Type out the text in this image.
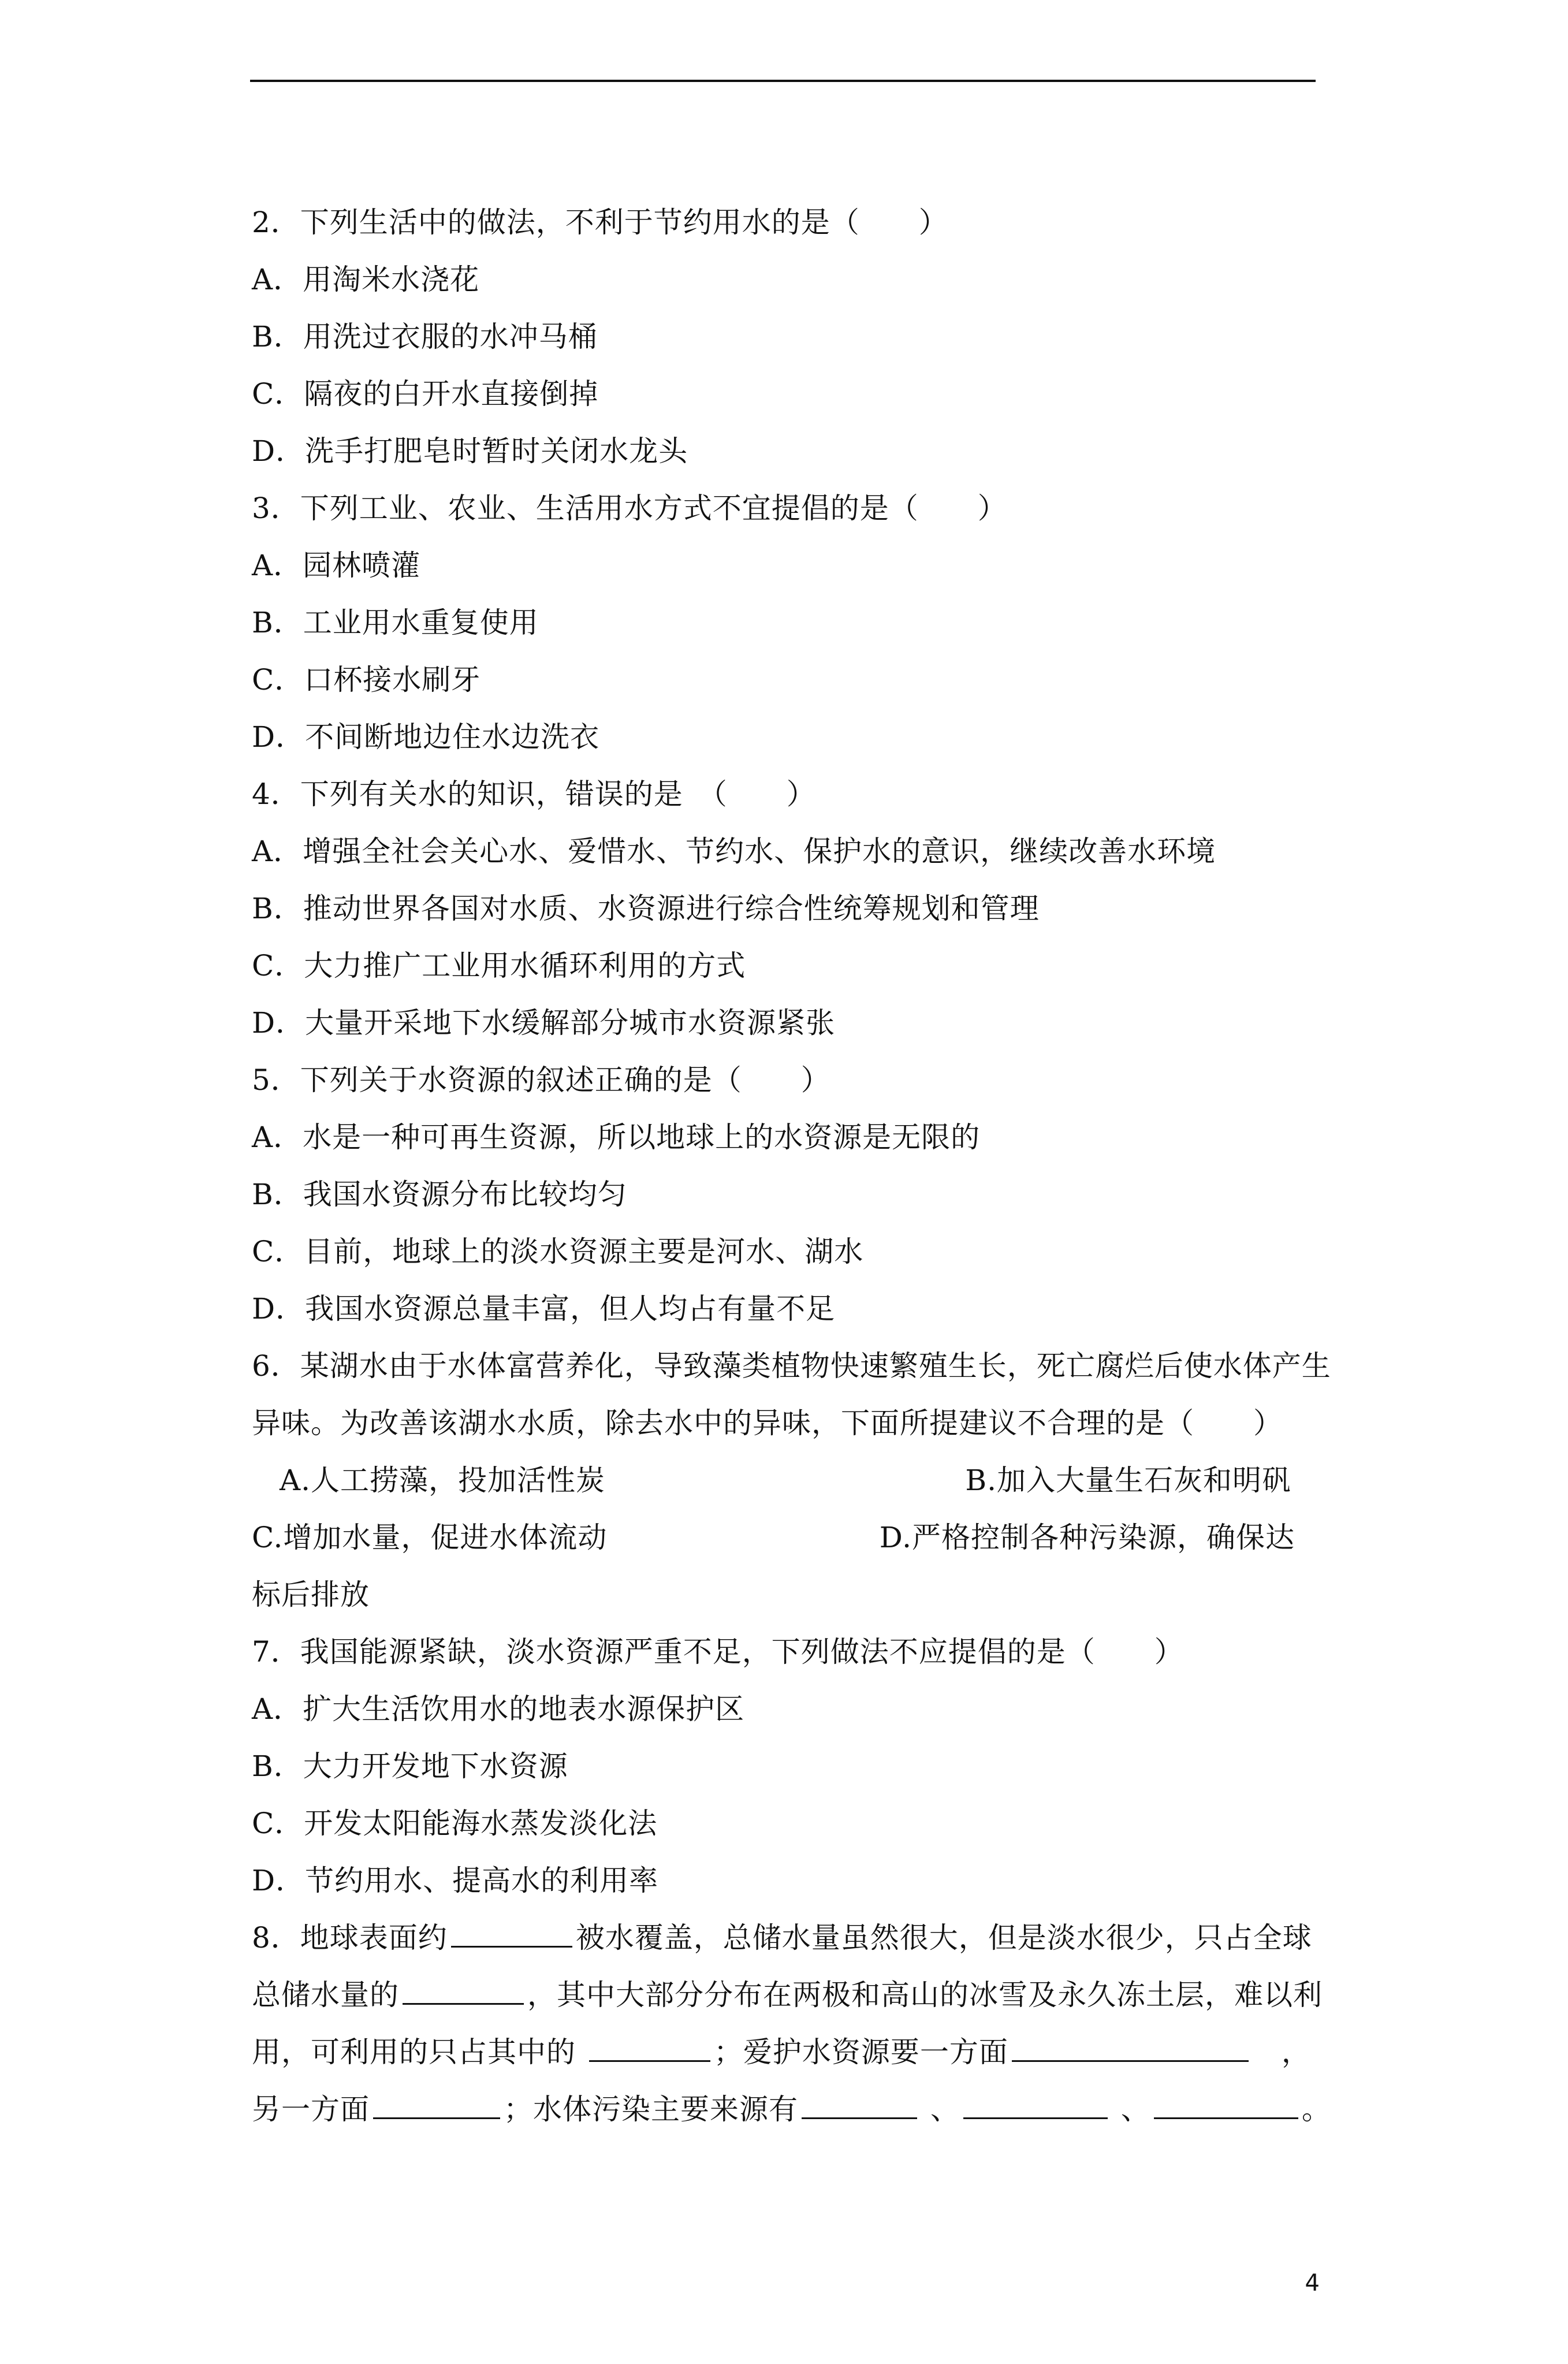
2．下列生活中的做法，不利于节约用水的是（　　）
A．用淘米水浇花
B．用洗过衣服的水冲马桶
C．隔夜的白开水直接倒掉
D．洗手打肥皂时暂时关闭水龙头
3．下列工业、农业、生活用水方式不宜提倡的是（　　）
A．园林喷灌
B．工业用水重复使用
C．口杯接水刷牙
D．不间断地边住水边洗衣
4．下列有关水的知识，错误的是　（　　）
A．增强全社会关心水、爱惜水、节约水、保护水的意识，继续改善水环境
B．推动世界各国对水质、水资源进行综合性统筹规划和管理
C．大力推广工业用水循环利用的方式
D．大量开采地下水缓解部分城市水资源紧张
5．下列关于水资源的叙述正确的是（　　）
A．水是一种可再生资源，所以地球上的水资源是无限的
B．我国水资源分布比较均匀
C．目前，地球上的淡水资源主要是河水、湖水
D．我国水资源总量丰富，但人均占有量不足
6．某湖水由于水体富营养化，导致藻类植物快速繁殖生长，死亡腐烂后使水体产生
异味。为改善该湖水水质，除去水中的异味，下面所提建议不合理的是（　　）
A.人工捞藻，投加活性炭	B.加入大量生石灰和明矾
C.增加水量，促进水体流动	D.严格控制各种污染源，确保达
标后排放
7．我国能源紧缺，淡水资源严重不足，下列做法不应提倡的是（　　）
A．扩大生活饮用水的地表水源保护区
B．大力开发地下水资源
C．开发太阳能海水蒸发淡化法
D．节约用水、提高水的利用率
8．地球表面约	被水覆盖，总储水量虽然很大，但是淡水很少，只占全球
总储水量的	，其中大部分分布在两极和高山的冰雪及永久冻土层，难以利
用，可利用的只占其中的	；爱护水资源要一方面	　，
另一方面	；水体污染主要来源有	、	、	。
4
